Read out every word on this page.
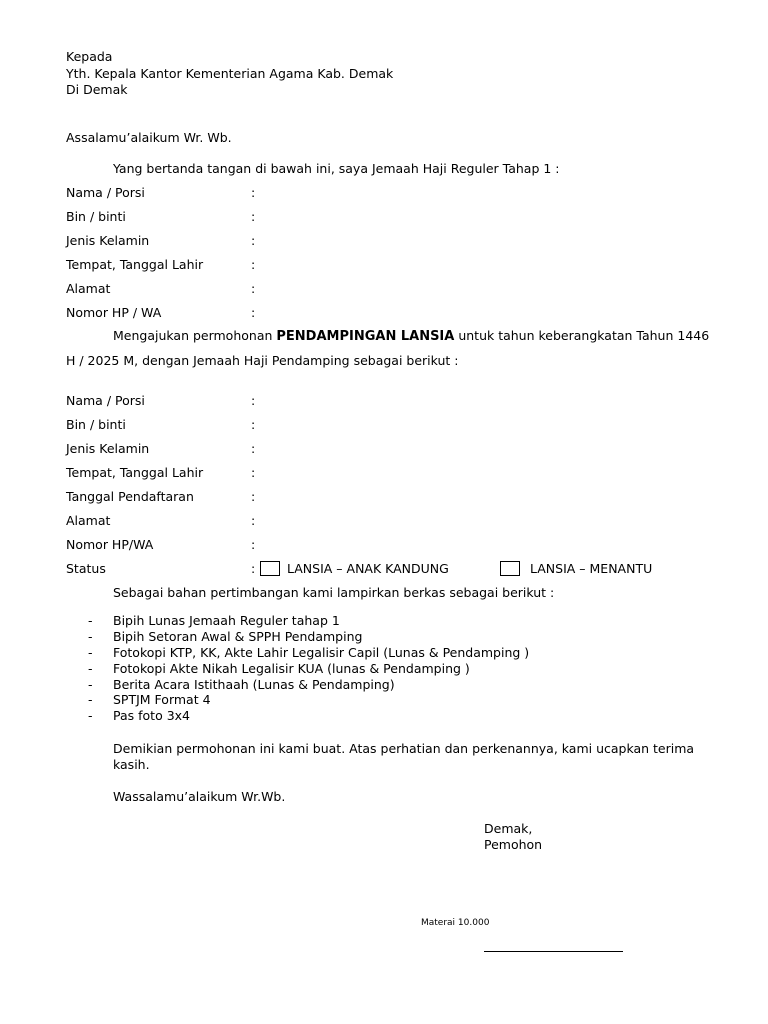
Kepada
Yth. Kepala Kantor Kementerian Agama Kab. Demak
Di Demak
Assalamu’alaikum Wr. Wb.
Yang bertanda tangan di bawah ini, saya Jemaah Haji Reguler Tahap 1 :
Nama / Porsi	:
Bin / binti	:
Jenis Kelamin	:
Tempat, Tanggal Lahir	:
Alamat	:
Nomor HP / WA	:
Mengajukan permohonan PENDAMPINGAN LANSIA untuk tahun keberangkatan Tahun 1446
H / 2025 M, dengan Jemaah Haji Pendamping sebagai berikut :
Nama / Porsi	:
Bin / binti	:
Jenis Kelamin	:
Tempat, Tanggal Lahir	:
Tanggal Pendaftaran	:
Alamat	:
Nomor HP/WA	:
Status	:	LANSIA – ANAK KANDUNG	LANSIA – MENANTU
Sebagai bahan pertimbangan kami lampirkan berkas sebagai berikut :
- Bipih Lunas Jemaah Reguler tahap 1
- Bipih Setoran Awal & SPPH Pendamping
- Fotokopi KTP, KK, Akte Lahir Legalisir Capil (Lunas & Pendamping )
- Fotokopi Akte Nikah Legalisir KUA (lunas & Pendamping )
- Berita Acara Istithaah (Lunas & Pendamping)
- SPTJM Format 4
- Pas foto 3x4
Demikian permohonan ini kami buat. Atas perhatian dan perkenannya, kami ucapkan terima
kasih.
Wassalamu’alaikum Wr.Wb.
Demak,
Pemohon
Materai 10.000
